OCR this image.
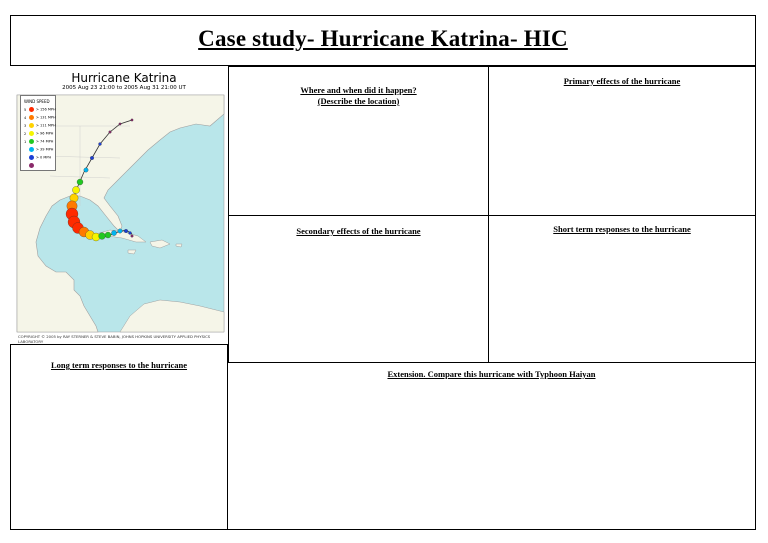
Case study- Hurricane Katrina- HIC
Hurricane Katrina
2005 Aug 23 21:00 to 2005 Aug 31 21:00 UT
WIND SPEED
5	> 156 MPH
4	> 131 MPH
3	> 111 MPH
2	> 96 MPH
1	> 74 MPH
> 39 MPH
> 0 MPH
COPYRIGHT © 2005 by RAY STERNER & STEVE BABIN, JOHNS HOPKINS UNIVERSITY APPLIED PHYSICS LABORATORY
Where and when did it happen?
(Describe the location)
Primary effects of the hurricane
Secondary effects of the hurricane	Short term responses to the hurricane
Long term responses to the hurricane
Extension. Compare this hurricane with Typhoon Haiyan
